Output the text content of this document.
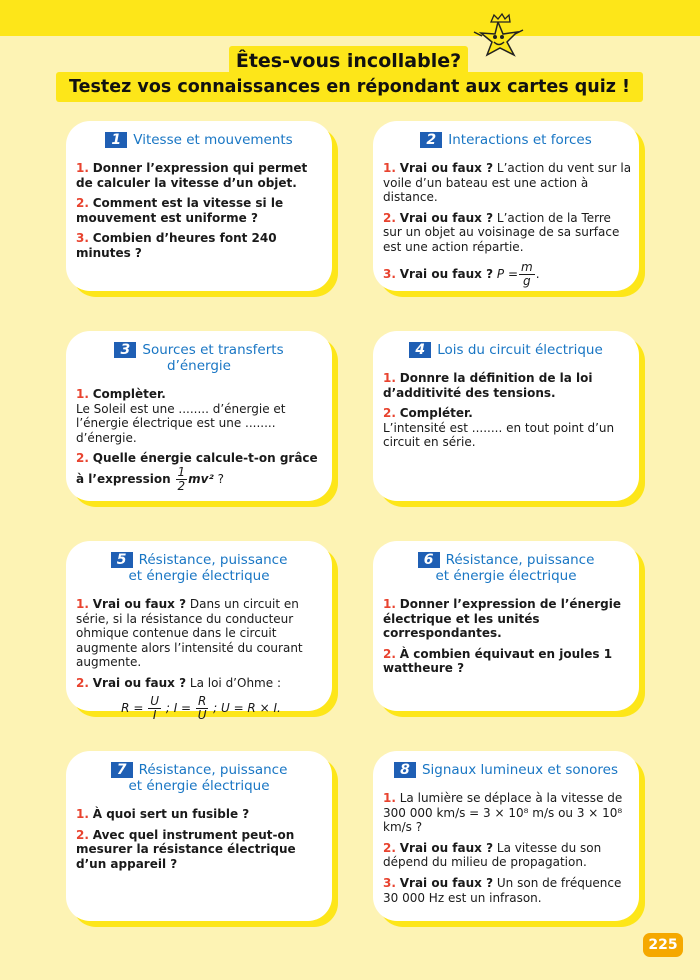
Êtes-vous incollable?
Testez vos connaissances en répondant aux cartes quiz !
1 Vitesse et mouvements

1. Donner l’expression qui permet de calculer la vitesse d’un objet.

2. Comment est la vitesse si le mouvement est uniforme ?

3. Combien d’heures font 240 minutes ?

2 Interactions et forces

1. Vrai ou faux ? L’action du vent sur la voile d’un bateau est une action à distance.

2. Vrai ou faux ? L’action de la Terre sur un objet au voisinage de sa surface est une action répartie.

3. Vrai ou faux ? $P = \frac{m}{g}$ .

3 Sources et transferts
d’énergie

1. Complèter.
Le Soleil est une ........ d’énergie et l’énergie électrique est une ........ d’énergie.

2. Quelle énergie calcule-t-on grâce
à l’expression $\frac{1}{2} mv^2$ ?

4 Lois du circuit électrique

1. Donnre la définition de la loi d’additivité des tensions.

2. Compléter.
L’intensité est ........ en tout point d’un circuit en série.

5 Résistance, puissance
et énergie électrique

1. Vrai ou faux ? Dans un circuit en série, si la résistance du conducteur ohmique contenue dans le circuit augmente alors l’intensité du courant augmente.

2. Vrai ou faux ? La loi d’Ohme :

$R = \frac{U}{I}$ ; $I = \frac{R}{U}$ ; U = R × I.
6 Résistance, puissance
et énergie électrique

1. Donner l’expression de l’énergie électrique et les unités correspondantes.

2. À combien équivaut en joules 1 wattheure ?

7 Résistance, puissance
et énergie électrique

1. À quoi sert un fusible ?

2. Avec quel instrument peut-on mesurer la résistance électrique d’un appareil ?

8 Signaux lumineux et sonores

1. La lumière se déplace à la vitesse de 300 000 km/s = 3 × 10⁸ m/s ou 3 × 10⁸ km/s ?

2. Vrai ou faux ? La vitesse du son dépend du milieu de propagation.

3. Vrai ou faux ? Un son de fréquence 30 000 Hz est un infrason.

225
